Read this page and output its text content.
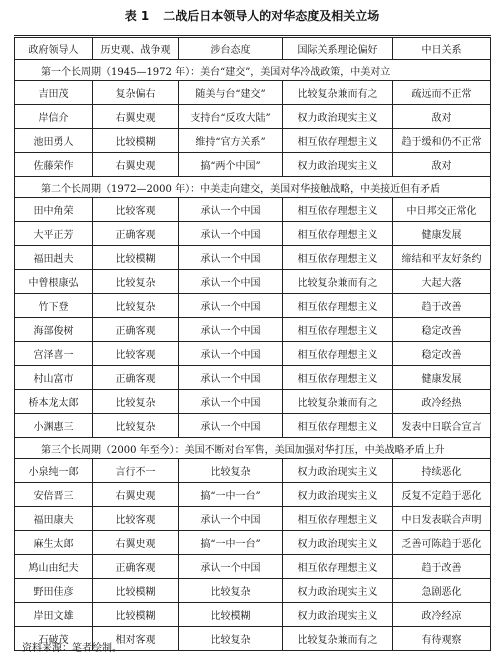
表 1 二战后日本领导人的对华态度及相关立场
政府领导人	历史观、战争观	涉台态度	国际关系理论偏好	中日关系
第一个长周期（1945—1972 年）：美台“建交”，美国对华冷战政策，中美对立				
吉田茂	复杂偏右	随美与台“建交”	比较复杂兼而有之	疏远而不正常
岸信介	右翼史观	支持台“反攻大陆”	权力政治现实主义	敌对
池田勇人	比较模糊	维持“官方关系”	相互依存理想主义	趋于缓和仍不正常
佐藤荣作	右翼史观	搞“两个中国”	权力政治现实主义	敌对
第二个长周期（1972—2000 年）：中美走向建交，美国对华接触战略，中美接近但有矛盾				
田中角荣	比较客观	承认一个中国	相互依存理想主义	中日邦交正常化
大平正芳	正确客观	承认一个中国	相互依存理想主义	健康发展
福田赳夫	比较模糊	承认一个中国	相互依存理想主义	缔结和平友好条约
中曾根康弘	比较复杂	承认一个中国	比较复杂兼而有之	大起大落
竹下登	比较复杂	承认一个中国	相互依存理想主义	趋于改善
海部俊树	正确客观	承认一个中国	相互依存理想主义	稳定改善
宫泽喜一	比较客观	承认一个中国	相互依存理想主义	稳定改善
村山富市	正确客观	承认一个中国	相互依存理想主义	健康发展
桥本龙太郎	比较复杂	承认一个中国	比较复杂兼而有之	政冷经热
小渊惠三	比较复杂	承认一个中国	相互依存理想主义	发表中日联合宣言
第三个长周期（2000 年至今）：美国不断对台军售，美国加强对华打压，中美战略矛盾上升				
小泉纯一郎	言行不一	比较复杂	权力政治现实主义	持续恶化
安倍晋三	右翼史观	搞“一中一台”	权力政治现实主义	反复不定趋于恶化
福田康夫	比较客观	承认一个中国	相互依存理想主义	中日发表联合声明
麻生太郎	右翼史观	搞“一中一台”	权力政治现实主义	乏善可陈趋于恶化
鸠山由纪夫	正确客观	承认一个中国	相互依存理想主义	趋于改善
野田佳彦	比较模糊	比较复杂	权力政治现实主义	急剧恶化
岸田文雄	比较模糊	比较模糊	权力政治现实主义	政冷经凉
石破茂	相对客观	比较复杂	比较复杂兼而有之	有待观察
资料来源：笔者绘制。
